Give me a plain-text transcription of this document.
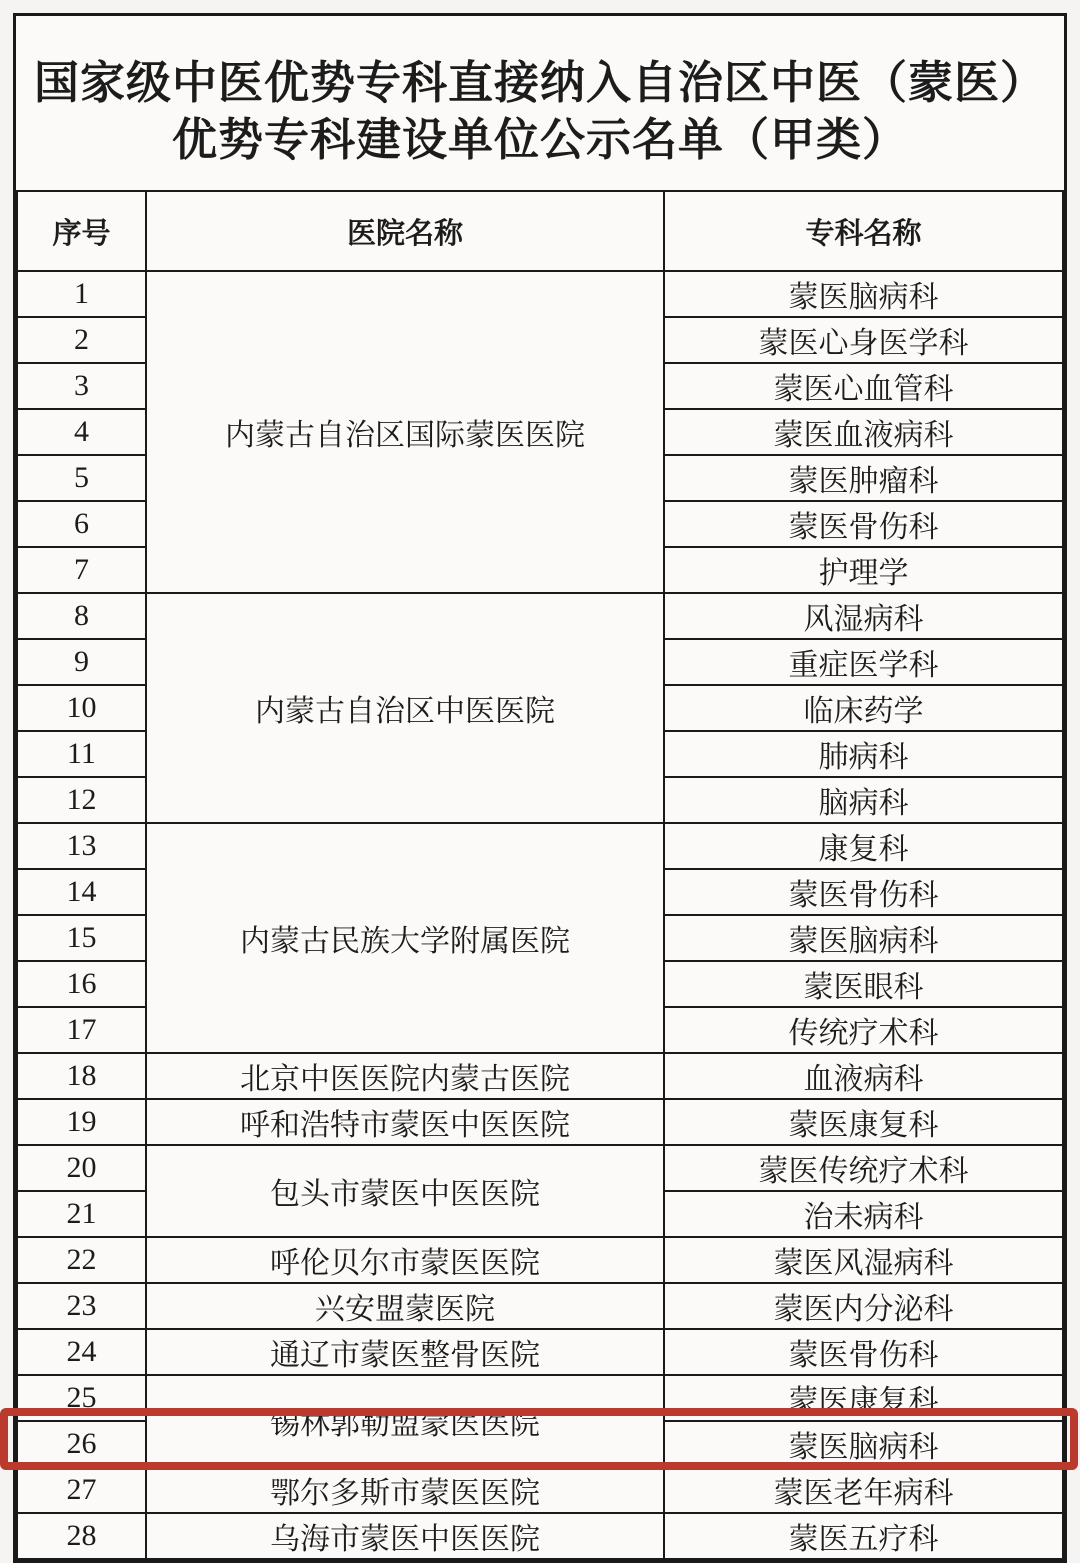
国家级中医优势专科直接纳入自治区中医（蒙医）
优势专科建设单位公示名单（甲类）
序号	医院名称	专科名称
1	内蒙古自治区国际蒙医医院	蒙医脑病科
2		蒙医心身医学科
3		蒙医心血管科
4		蒙医血液病科
5		蒙医肿瘤科
6		蒙医骨伤科
7		护理学
8	内蒙古自治区中医医院	风湿病科
9		重症医学科
10		临床药学
11		肺病科
12		脑病科
13	内蒙古民族大学附属医院	康复科
14		蒙医骨伤科
15		蒙医脑病科
16		蒙医眼科
17		传统疗术科
18	北京中医医院内蒙古医院	血液病科
19	呼和浩特市蒙医中医医院	蒙医康复科
20	包头市蒙医中医医院	蒙医传统疗术科
21		治未病科
22	呼伦贝尔市蒙医医院	蒙医风湿病科
23	兴安盟蒙医院	蒙医内分泌科
24	通辽市蒙医整骨医院	蒙医骨伤科
25	锡林郭勒盟蒙医医院	蒙医康复科
26		蒙医脑病科
27	鄂尔多斯市蒙医医院	蒙医老年病科
28	乌海市蒙医中医医院	蒙医五疗科
